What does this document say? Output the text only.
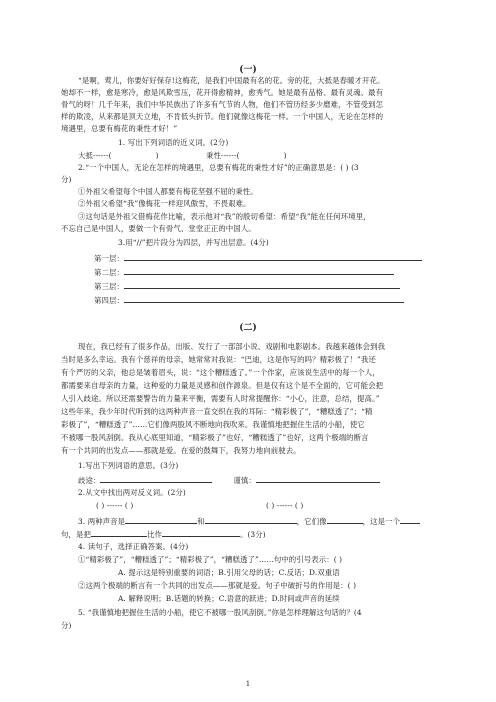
(一)
“是啊，莺儿，你要好好保存!这梅花，是我们中国最有名的花。旁的花，大抵是春暖才开花。
她却不一样，愈是寒冷，愈是风欺雪压，花开得愈精神，愈秀气。她是最有品格、最有灵魂、最有
骨气的呀！几千年来，我们中华民族出了许多有气节的人物，他们不管历经多少磨难，不管受到怎
样的欺凌，从来都是顶天立地，不肯低头折节。他们就像这梅花一样。一个中国人，无论在怎样的
境遇里，总要有梅花的秉性才好！”
1. 写出下列词语的近义词。(2分)
大抵------(	)	秉性------(	)
2.“一个中国人，无论在怎样的境遇里，总要有梅花的秉性才好”的正确意思是：( ) (3
分)
①外祖父希望每个中国人都要有梅花坚强不屈的秉性。
②外祖父希望“我”像梅花一样迎风傲雪，不畏艰难。
③这句话是外祖父借梅花作比喻，表示他对“我”的殷切希望：希望“我”能在任何环境里，
不忘自己是中国人，要做一个有骨气、堂堂正正的中国人。
3.用“//”把片段分为四层，并写出层意。(4分)
第一层：
第二层：
第三层：
第四层：
(二)
现在，我已经有了很多作品，出版、发行了一部部小说、戏剧和电影剧本。我越来越体会到我
当时是多么幸运。我有个慈祥的母亲，她常常对我说：“巴迪，这是你写的吗？精彩极了！”我还
有个严厉的父亲，他总是皱着眉头，说：“这个糟糕透了。”一个作家，应该说生活中的每一个人，
都需要来自母亲的力量，这种爱的力量是灵感和创作源泉。但是仅有这个是不全面的，它可能会把
人引入歧途。所以还需要警告的力量来平衡，需要有人时常提醒你：“小心，注意，总结，提高。”
这些年来，我少年时代听到的这两种声音一直交织在我的耳际：“精彩极了”，“糟糕透了”；“精
彩极了”，“糟糕透了”……它们像两股风不断地向我吹来。我谨慎地把握住生活的小船，使它
不被哪一股风刮倒。我从心底里知道，“精彩极了”也好，“糟糕透了”也好，这两个极端的断言
有一个共同的出发点——那就是爱。在爱的鼓舞下，我努力地向前驶去。
1.写出下列词语的意思。(3分)
歧途：	谨慎：
2.从文中找出两对反义词。(2分)
( ) ------ ( )	( ) ------ ( )
3. 两种声音是	和	，它们像	，这是一个
句，是把	比作	。(3分)
4. 读句子，选择正确答案。(4分)
①“精彩极了”，“糟糕透了”；“精彩极了”，“糟糕透了”……句中的引号表示：( )
A. 提示这是特别重要的词语；B.引用父母的话；C.反话；D.双重语
②这两个极端的断言有一个共同的出发点——那就是爱。句子中破折号的作用是：( )
A. 解释说明；B.话题的转换；C.语意的跃进；D.时间或声音的延续
5. “我谨慎地把握住生活的小船，使它不被哪一股风刮倒。”你是怎样理解这句话的？(4
分)
1
